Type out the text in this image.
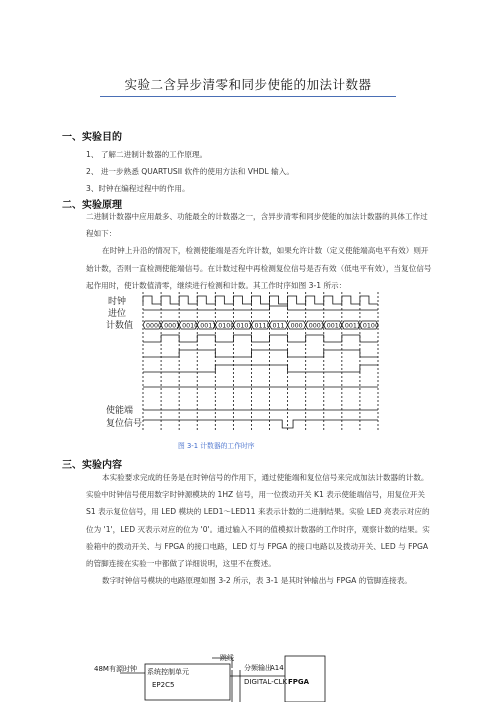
实验二含异步清零和同步使能的加法计数器
一、实验目的
1、 了解二进制计数器的工作原理。
2、 进一步熟悉 QUARTUSII 软件的使用方法和 VHDL 输入。
3、时钟在编程过程中的作用。
二、实验原理

二进制计数器中应用最多、功能最全的计数器之一，含异步清零和同步使能的加法计数器的具体工作过程如下：

在时钟上升沿的情况下，检测使能端是否允许计数，如果允许计数（定义使能端高电平有效）则开始计数，否则一直检测使能端信号。在计数过程中再检测复位信号是否有效（低电平有效），当复位信号起作用时，使计数值清零，继续进行检测和计数。其工作时序如图 3-1 所示：

时钟
进位
计数值
使能端
复位信号
0000 0001 0010 0011 0100 0101 0110 011 000 0001 0010 0011 0100
图 3-1 计数器的工作时序
三、实验内容

本实验要求完成的任务是在时钟信号的作用下，通过使能端和复位信号来完成加法计数器的计数。实验中时钟信号使用数字时钟源模块的 1HZ 信号，用一位拨动开关 K1 表示使能端信号，用复位开关 S1 表示复位信号，用 LED 模块的 LED1～LED11 来表示计数的二进制结果。实验 LED 亮表示对应的位为 '1'，LED 灭表示对应的位为 '0'。通过输入不同的值模拟计数器的工作时序，观察计数的结果。实验箱中的拨动开关、与 FPGA 的接口电路，LED 灯与 FPGA 的接口电路以及拨动开关、LED 与 FPGA 的管脚连接在实验一中都做了详细说明，这里不在赘述。

数字时钟信号模块的电路原理如图 3-2 所示，表 3-1 是其时钟输出与 FPGA 的管脚连接表。

跳线
48M有源时钟 系统控制单元
EP2C5
分频输出
A14
DIGITAL-CLK FPGA
